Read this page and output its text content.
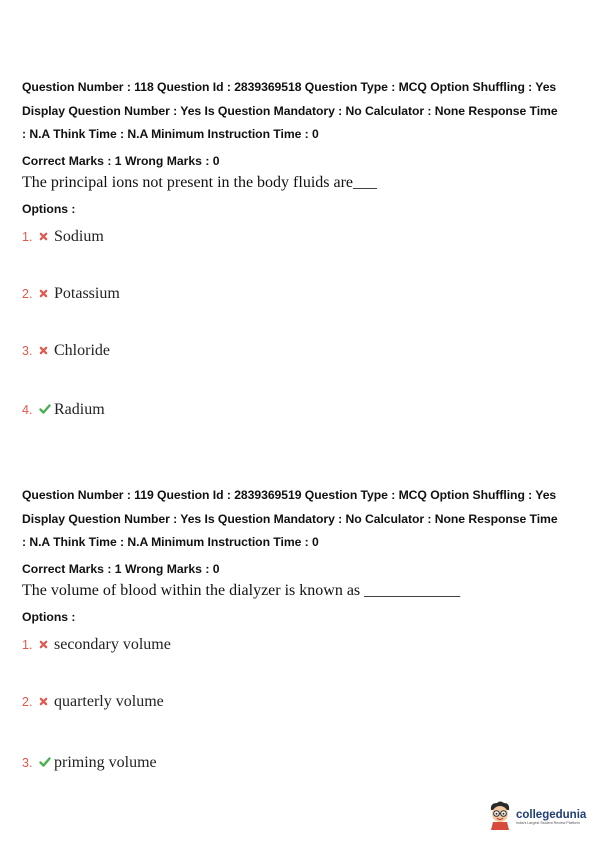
Question Number : 118 Question Id : 2839369518 Question Type : MCQ Option Shuffling : Yes

Display Question Number : Yes Is Question Mandatory : No Calculator : None Response Time

: N.A Think Time : N.A Minimum Instruction Time : 0

Correct Marks : 1 Wrong Marks : 0

The principal ions not present in the body fluids are___

Options :

1.	Sodium
2.	Potassium
3.	Chloride
4.	Radium

Question Number : 119 Question Id : 2839369519 Question Type : MCQ Option Shuffling : Yes

Display Question Number : Yes Is Question Mandatory : No Calculator : None Response Time

: N.A Think Time : N.A Minimum Instruction Time : 0

Correct Marks : 1 Wrong Marks : 0

The volume of blood within the dialyzer is known as ____________

Options :

1.	secondary volume
2.	quarterly volume
3.	priming volume
collegedunia
India's Largest Student Review Platform
